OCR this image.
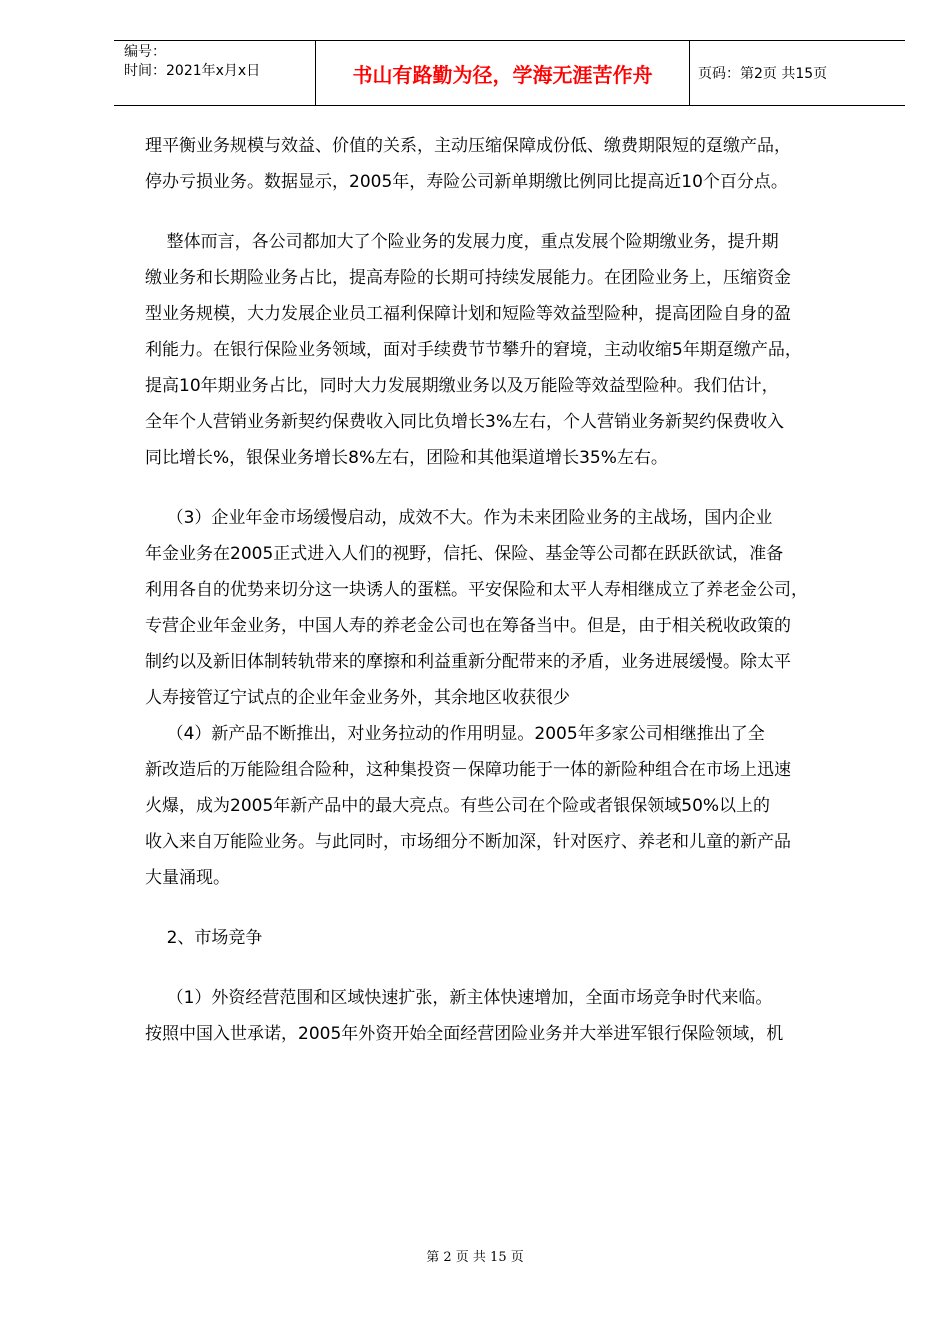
编号：
时间：2021年x月x日	书山有路勤为径，学海无涯苦作舟	页码：第2页 共15页
理平衡业务规模与效益、价值的关系，主动压缩保障成份低、缴费期限短的趸缴产品，
停办亏损业务。数据显示，2005年，寿险公司新单期缴比例同比提高近10个百分点。
整体而言，各公司都加大了个险业务的发展力度，重点发展个险期缴业务，提升期
缴业务和长期险业务占比，提高寿险的长期可持续发展能力。在团险业务上，压缩资金
型业务规模，大力发展企业员工福利保障计划和短险等效益型险种，提高团险自身的盈
利能力。在银行保险业务领域，面对手续费节节攀升的窘境，主动收缩5年期趸缴产品，
提高10年期业务占比，同时大力发展期缴业务以及万能险等效益型险种。我们估计，
全年个人营销业务新契约保费收入同比负增长3%左右，个人营销业务新契约保费收入
同比增长%，银保业务增长8%左右，团险和其他渠道增长35%左右。
（3）企业年金市场缓慢启动，成效不大。作为未来团险业务的主战场，国内企业
年金业务在2005正式进入人们的视野，信托、保险、基金等公司都在跃跃欲试，准备
利用各自的优势来切分这一块诱人的蛋糕。平安保险和太平人寿相继成立了养老金公司，
专营企业年金业务，中国人寿的养老金公司也在筹备当中。但是，由于相关税收政策的
制约以及新旧体制转轨带来的摩擦和利益重新分配带来的矛盾，业务进展缓慢。除太平
人寿接管辽宁试点的企业年金业务外，其余地区收获很少
（4）新产品不断推出，对业务拉动的作用明显。2005年多家公司相继推出了全
新改造后的万能险组合险种，这种集投资－保障功能于一体的新险种组合在市场上迅速
火爆，成为2005年新产品中的最大亮点。有些公司在个险或者银保领域50%以上的
收入来自万能险业务。与此同时，市场细分不断加深，针对医疗、养老和儿童的新产品
大量涌现。
2、市场竞争
（1）外资经营范围和区域快速扩张，新主体快速增加，全面市场竞争时代来临。
按照中国入世承诺，2005年外资开始全面经营团险业务并大举进军银行保险领域，机
第 2 页 共 15 页
